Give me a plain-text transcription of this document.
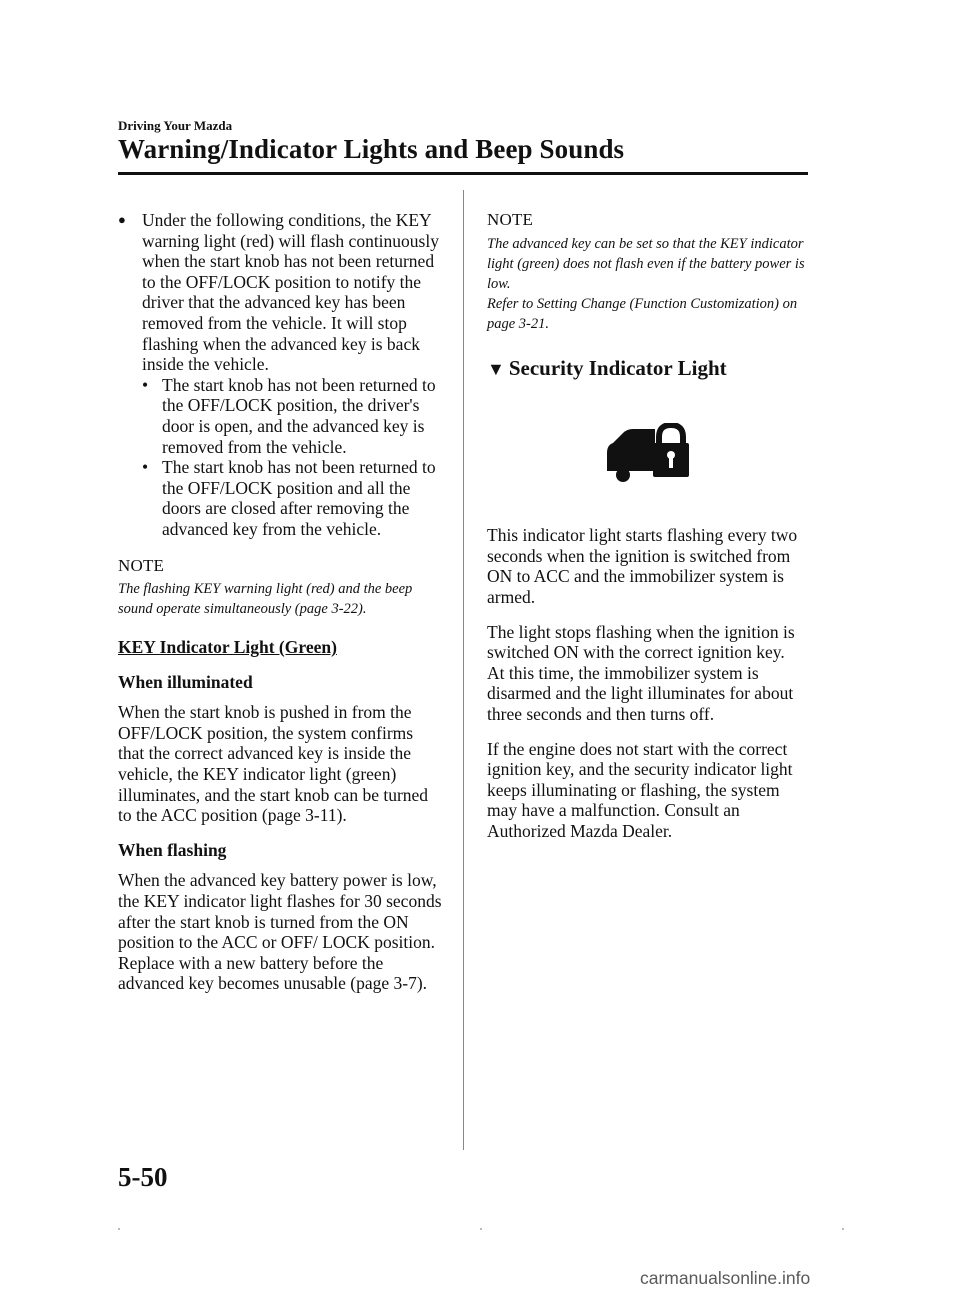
Driving Your Mazda
Warning/Indicator Lights and Beep Sounds
● Under the following conditions, the KEY warning light (red) will flash continuously when the start knob has not been returned to the OFF/LOCK position to notify the driver that the advanced key has been removed from the vehicle. It will stop flashing when the advanced key is back inside the vehicle.
• The start knob has not been returned to the OFF/LOCK position, the driver's door is open, and the advanced key is removed from the vehicle.
• The start knob has not been returned to the OFF/LOCK position and all the doors are closed after removing the advanced key from the vehicle.
NOTE
The flashing KEY warning light (red) and the beep sound operate simultaneously (page 3-22).
KEY Indicator Light (Green)
When illuminated
When the start knob is pushed in from the OFF/LOCK position, the system confirms that the correct advanced key is inside the vehicle, the KEY indicator light (green) illuminates, and the start knob can be turned to the ACC position (page 3-11).
When flashing
When the advanced key battery power is low, the KEY indicator light flashes for 30 seconds after the start knob is turned from the ON position to the ACC or OFF/ LOCK position. Replace with a new battery before the advanced key becomes unusable (page 3-7).
NOTE
The advanced key can be set so that the KEY indicator light (green) does not flash even if the battery power is low.
Refer to Setting Change (Function Customization) on page 3-21.
▼ Security Indicator Light
This indicator light starts flashing every two seconds when the ignition is switched from ON to ACC and the immobilizer system is armed.
The light stops flashing when the ignition is switched ON with the correct ignition key.
At this time, the immobilizer system is disarmed and the light illuminates for about three seconds and then turns off.
If the engine does not start with the correct ignition key, and the security indicator light keeps illuminating or flashing, the system may have a malfunction. Consult an Authorized Mazda Dealer.
5-50
carmanualsonline.info
